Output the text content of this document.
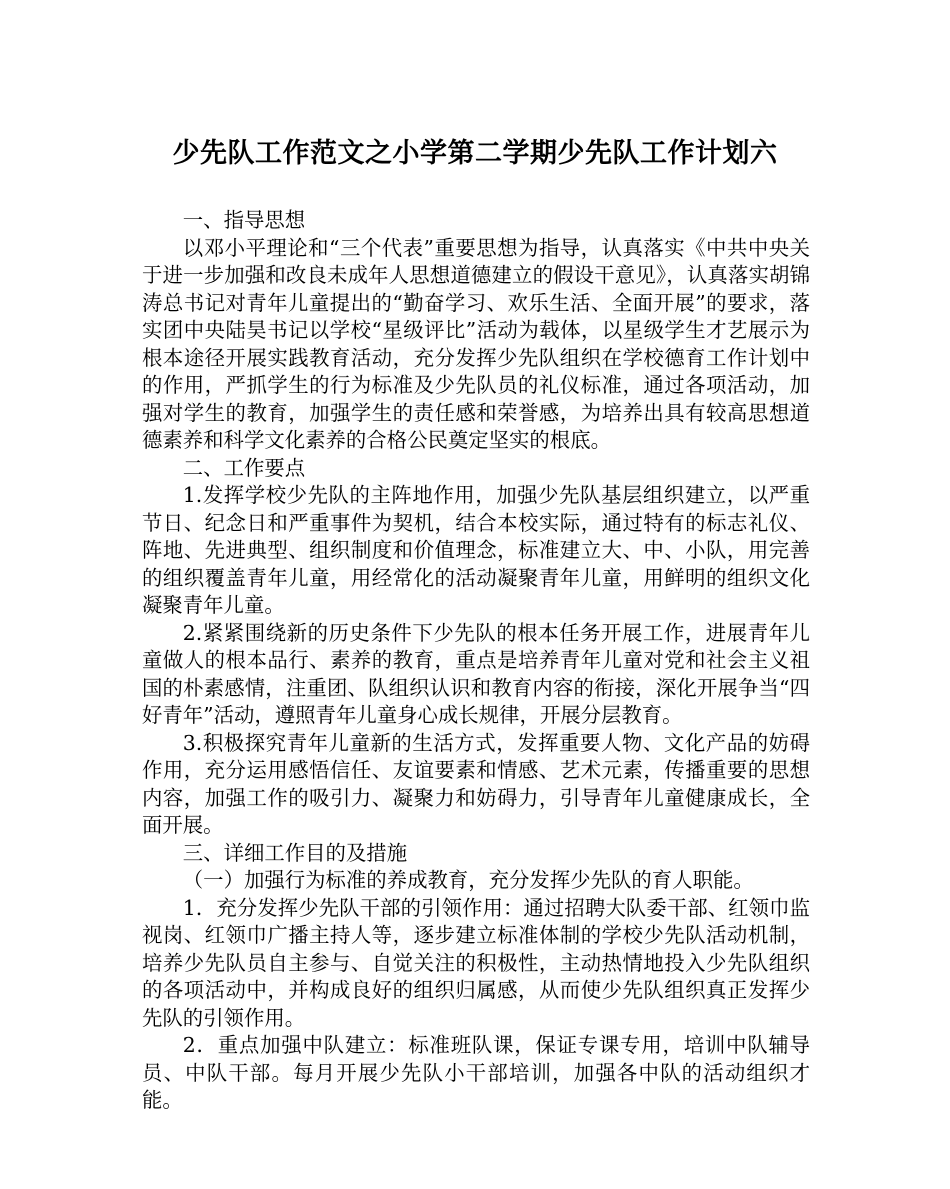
少先队工作范文之小学第二学期少先队工作计划六

一、指导思想

以邓小平理论和“三个代表”重要思想为指导，认真落实《中共中央关于进一步加强和改良未成年人思想道德建立的假设干意见》，认真落实胡锦涛总书记对青年儿童提出的“勤奋学习、欢乐生活、全面开展”的要求，落实团中央陆昊书记以学校“星级评比”活动为载体，以星级学生才艺展示为根本途径开展实践教育活动，充分发挥少先队组织在学校德育工作计划中的作用，严抓学生的行为标准及少先队员的礼仪标准，通过各项活动，加强对学生的教育，加强学生的责任感和荣誉感，为培养出具有较高思想道德素养和科学文化素养的合格公民奠定坚实的根底。

二、工作要点

1.发挥学校少先队的主阵地作用，加强少先队基层组织建立，以严重节日、纪念日和严重事件为契机，结合本校实际，通过特有的标志礼仪、阵地、先进典型、组织制度和价值理念，标准建立大、中、小队，用完善的组织覆盖青年儿童，用经常化的活动凝聚青年儿童，用鲜明的组织文化凝聚青年儿童。

2.紧紧围绕新的历史条件下少先队的根本任务开展工作，进展青年儿童做人的根本品行、素养的教育，重点是培养青年儿童对党和社会主义祖国的朴素感情，注重团、队组织认识和教育内容的衔接，深化开展争当“四好青年”活动，遵照青年儿童身心成长规律，开展分层教育。

3.积极探究青年儿童新的生活方式，发挥重要人物、文化产品的妨碍作用，充分运用感悟信任、友谊要素和情感、艺术元素，传播重要的思想内容，加强工作的吸引力、凝聚力和妨碍力，引导青年儿童健康成长，全面开展。

三、详细工作目的及措施

（一）加强行为标准的养成教育，充分发挥少先队的育人职能。

1．充分发挥少先队干部的引领作用：通过招聘大队委干部、红领巾监视岗、红领巾广播主持人等，逐步建立标准体制的学校少先队活动机制，培养少先队员自主参与、自觉关注的积极性，主动热情地投入少先队组织的各项活动中，并构成良好的组织归属感，从而使少先队组织真正发挥少先队的引领作用。

2．重点加强中队建立：标准班队课，保证专课专用，培训中队辅导员、中队干部。每月开展少先队小干部培训，加强各中队的活动组织才能。
